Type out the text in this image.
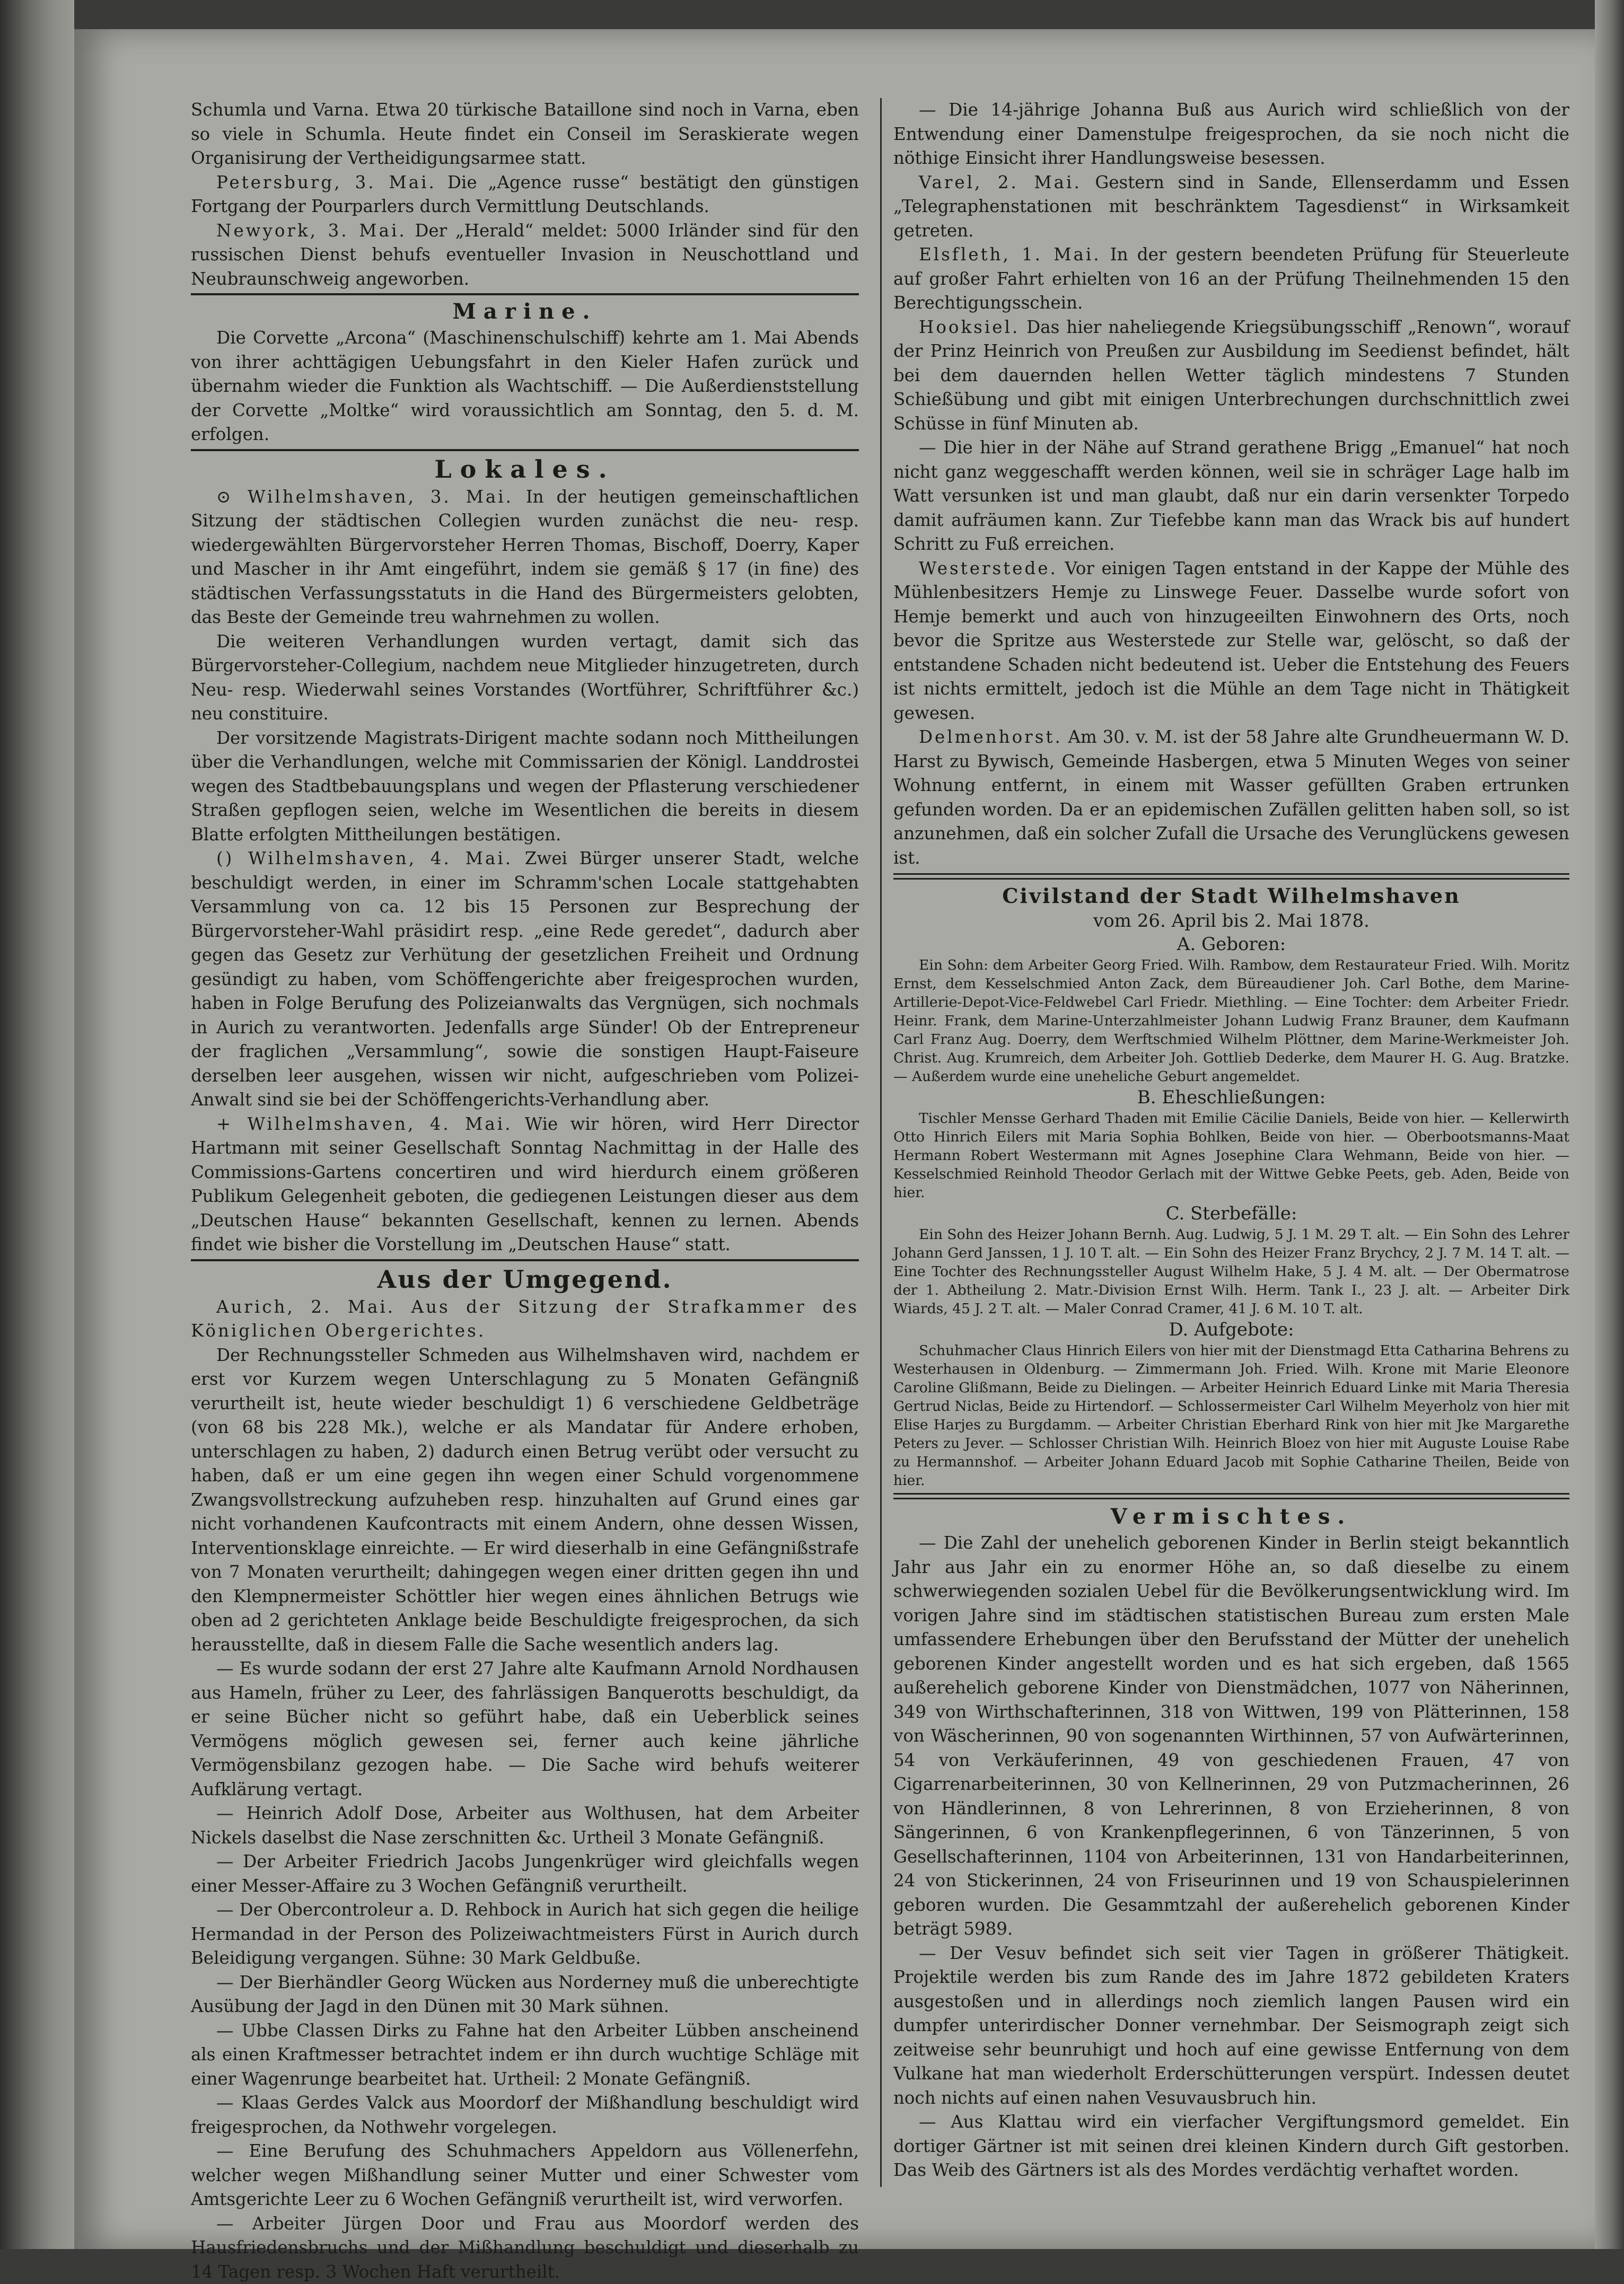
Schumla und Varna. Etwa 20 türkische Bataillone sind noch in Varna, eben so viele in Schumla. Heute findet ein Conseil im Seraskierate wegen Organisirung der Vertheidigungsarmee statt.

Petersburg, 3. Mai. Die „Agence russe“ bestätigt den günstigen Fortgang der Pourparlers durch Vermittlung Deutschlands.

Newyork, 3. Mai. Der „Herald“ meldet: 5000 Irländer sind für den russischen Dienst behufs eventueller Invasion in Neuschottland und Neubraunschweig angeworben.

Marine.

Die Corvette „Arcona“ (Maschinenschulschiff) kehrte am 1. Mai Abends von ihrer achttägigen Uebungsfahrt in den Kieler Hafen zurück und übernahm wieder die Funktion als Wachtschiff. — Die Außerdienststellung der Corvette „Moltke“ wird voraussichtlich am Sonntag, den 5. d. M. erfolgen.

Lokales.

⊙ Wilhelmshaven, 3. Mai. In der heutigen gemeinschaftlichen Sitzung der städtischen Collegien wurden zunächst die neu- resp. wiedergewählten Bürgervorsteher Herren Thomas, Bischoff, Doerry, Kaper und Mascher in ihr Amt eingeführt, indem sie gemäß § 17 (in fine) des städtischen Verfassungsstatuts in die Hand des Bürgermeisters gelobten, das Beste der Gemeinde treu wahrnehmen zu wollen.

Die weiteren Verhandlungen wurden vertagt, damit sich das Bürgervorsteher-Collegium, nachdem neue Mitglieder hinzugetreten, durch Neu- resp. Wiederwahl seines Vorstandes (Wortführer, Schriftführer &c.) neu constituire.

Der vorsitzende Magistrats-Dirigent machte sodann noch Mittheilungen über die Verhandlungen, welche mit Commissarien der Königl. Landdrostei wegen des Stadtbebauungsplans und wegen der Pflasterung verschiedener Straßen gepflogen seien, welche im Wesentlichen die bereits in diesem Blatte erfolgten Mittheilungen bestätigen.

() Wilhelmshaven, 4. Mai. Zwei Bürger unserer Stadt, welche beschuldigt werden, in einer im Schramm'schen Locale stattgehabten Versammlung von ca. 12 bis 15 Personen zur Besprechung der Bürgervorsteher-Wahl präsidirt resp. „eine Rede geredet“, dadurch aber gegen das Gesetz zur Verhütung der gesetzlichen Freiheit und Ordnung gesündigt zu haben, vom Schöffengerichte aber freigesprochen wurden, haben in Folge Berufung des Polizeianwalts das Vergnügen, sich nochmals in Aurich zu verantworten. Jedenfalls arge Sünder! Ob der Entrepreneur der fraglichen „Versammlung“, sowie die sonstigen Haupt-Faiseure derselben leer ausgehen, wissen wir nicht, aufgeschrieben vom Polizei-Anwalt sind sie bei der Schöffengerichts-Verhandlung aber.

+ Wilhelmshaven, 4. Mai. Wie wir hören, wird Herr Director Hartmann mit seiner Gesellschaft Sonntag Nachmittag in der Halle des Commissions-Gartens concertiren und wird hierdurch einem größeren Publikum Gelegenheit geboten, die gediegenen Leistungen dieser aus dem „Deutschen Hause“ bekannten Gesellschaft, kennen zu lernen. Abends findet wie bisher die Vorstellung im „Deutschen Hause“ statt.

Aus der Umgegend.

Aurich, 2. Mai. Aus der Sitzung der Strafkammer des Königlichen Obergerichtes.

Der Rechnungssteller Schmeden aus Wilhelmshaven wird, nachdem er erst vor Kurzem wegen Unterschlagung zu 5 Monaten Gefängniß verurtheilt ist, heute wieder beschuldigt 1) 6 verschiedene Geldbeträge (von 68 bis 228 Mk.), welche er als Mandatar für Andere erhoben, unterschlagen zu haben, 2) dadurch einen Betrug verübt oder versucht zu haben, daß er um eine gegen ihn wegen einer Schuld vorgenommene Zwangsvollstreckung aufzuheben resp. hinzuhalten auf Grund eines gar nicht vorhandenen Kaufcontracts mit einem Andern, ohne dessen Wissen, Interventionsklage einreichte. — Er wird dieserhalb in eine Gefängnißstrafe von 7 Monaten verurtheilt; dahingegen wegen einer dritten gegen ihn und den Klempnermeister Schöttler hier wegen eines ähnlichen Betrugs wie oben ad 2 gerichteten Anklage beide Beschuldigte freigesprochen, da sich herausstellte, daß in diesem Falle die Sache wesentlich anders lag.

— Es wurde sodann der erst 27 Jahre alte Kaufmann Arnold Nordhausen aus Hameln, früher zu Leer, des fahrlässigen Banquerotts beschuldigt, da er seine Bücher nicht so geführt habe, daß ein Ueberblick seines Vermögens möglich gewesen sei, ferner auch keine jährliche Vermögensbilanz gezogen habe. — Die Sache wird behufs weiterer Aufklärung vertagt.

— Heinrich Adolf Dose, Arbeiter aus Wolthusen, hat dem Arbeiter Nickels daselbst die Nase zerschnitten &c. Urtheil 3 Monate Gefängniß.

— Der Arbeiter Friedrich Jacobs Jungenkrüger wird gleichfalls wegen einer Messer-Affaire zu 3 Wochen Gefängniß verurtheilt.

— Der Obercontroleur a. D. Rehbock in Aurich hat sich gegen die heilige Hermandad in der Person des Polizeiwachtmeisters Fürst in Aurich durch Beleidigung vergangen. Sühne: 30 Mark Geldbuße.

— Der Bierhändler Georg Wücken aus Norderney muß die unberechtigte Ausübung der Jagd in den Dünen mit 30 Mark sühnen.

— Ubbe Classen Dirks zu Fahne hat den Arbeiter Lübben anscheinend als einen Kraftmesser betrachtet indem er ihn durch wuchtige Schläge mit einer Wagenrunge bearbeitet hat. Urtheil: 2 Monate Gefängniß.

— Klaas Gerdes Valck aus Moordorf der Mißhandlung beschuldigt wird freigesprochen, da Nothwehr vorgelegen.

— Eine Berufung des Schuhmachers Appeldorn aus Völlenerfehn, welcher wegen Mißhandlung seiner Mutter und einer Schwester vom Amtsgerichte Leer zu 6 Wochen Gefängniß verurtheilt ist, wird verworfen.

— Arbeiter Jürgen Door und Frau aus Moordorf werden des Hausfriedensbruchs und der Mißhandlung beschuldigt und dieserhalb zu 14 Tagen resp. 3 Wochen Haft verurtheilt.

— Die 14-jährige Johanna Buß aus Aurich wird schließlich von der Entwendung einer Damenstulpe freigesprochen, da sie noch nicht die nöthige Einsicht ihrer Handlungsweise besessen.

Varel, 2. Mai. Gestern sind in Sande, Ellenserdamm und Essen „Telegraphenstationen mit beschränktem Tagesdienst“ in Wirksamkeit getreten.

Elsfleth, 1. Mai. In der gestern beendeten Prüfung für Steuerleute auf großer Fahrt erhielten von 16 an der Prüfung Theilnehmenden 15 den Berechtigungsschein.

Hooksiel. Das hier naheliegende Kriegsübungsschiff „Renown“, worauf der Prinz Heinrich von Preußen zur Ausbildung im Seedienst befindet, hält bei dem dauernden hellen Wetter täglich mindestens 7 Stunden Schießübung und gibt mit einigen Unterbrechungen durchschnittlich zwei Schüsse in fünf Minuten ab.

— Die hier in der Nähe auf Strand gerathene Brigg „Emanuel“ hat noch nicht ganz weggeschafft werden können, weil sie in schräger Lage halb im Watt versunken ist und man glaubt, daß nur ein darin versenkter Torpedo damit aufräumen kann. Zur Tiefebbe kann man das Wrack bis auf hundert Schritt zu Fuß erreichen.

Westerstede. Vor einigen Tagen entstand in der Kappe der Mühle des Mühlenbesitzers Hemje zu Linswege Feuer. Dasselbe wurde sofort von Hemje bemerkt und auch von hinzugeeilten Einwohnern des Orts, noch bevor die Spritze aus Westerstede zur Stelle war, gelöscht, so daß der entstandene Schaden nicht bedeutend ist. Ueber die Entstehung des Feuers ist nichts ermittelt, jedoch ist die Mühle an dem Tage nicht in Thätigkeit gewesen.

Delmenhorst. Am 30. v. M. ist der 58 Jahre alte Grundheuermann W. D. Harst zu Bywisch, Gemeinde Hasbergen, etwa 5 Minuten Weges von seiner Wohnung entfernt, in einem mit Wasser gefüllten Graben ertrunken gefunden worden. Da er an epidemischen Zufällen gelitten haben soll, so ist anzunehmen, daß ein solcher Zufall die Ursache des Verunglückens gewesen ist.

Civilstand der Stadt Wilhelmshaven

vom 26. April bis 2. Mai 1878.

A. Geboren:

Ein Sohn: dem Arbeiter Georg Fried. Wilh. Rambow, dem Restaurateur Fried. Wilh. Moritz Ernst, dem Kesselschmied Anton Zack, dem Büreaudiener Joh. Carl Bothe, dem Marine-Artillerie-Depot-Vice-Feldwebel Carl Friedr. Miethling. — Eine Tochter: dem Arbeiter Friedr. Heinr. Frank, dem Marine-Unterzahlmeister Johann Ludwig Franz Brauner, dem Kaufmann Carl Franz Aug. Doerry, dem Werftschmied Wilhelm Plöttner, dem Marine-Werkmeister Joh. Christ. Aug. Krumreich, dem Arbeiter Joh. Gottlieb Dederke, dem Maurer H. G. Aug. Bratzke. — Außerdem wurde eine uneheliche Geburt angemeldet.

B. Eheschließungen:

Tischler Mensse Gerhard Thaden mit Emilie Cäcilie Daniels, Beide von hier. — Kellerwirth Otto Hinrich Eilers mit Maria Sophia Bohlken, Beide von hier. — Oberbootsmanns-Maat Hermann Robert Westermann mit Agnes Josephine Clara Wehmann, Beide von hier. — Kesselschmied Reinhold Theodor Gerlach mit der Wittwe Gebke Peets, geb. Aden, Beide von hier.

C. Sterbefälle:

Ein Sohn des Heizer Johann Bernh. Aug. Ludwig, 5 J. 1 M. 29 T. alt. — Ein Sohn des Lehrer Johann Gerd Janssen, 1 J. 10 T. alt. — Ein Sohn des Heizer Franz Brychcy, 2 J. 7 M. 14 T. alt. — Eine Tochter des Rechnungssteller August Wilhelm Hake, 5 J. 4 M. alt. — Der Obermatrose der 1. Abtheilung 2. Matr.-Division Ernst Wilh. Herm. Tank I., 23 J. alt. — Arbeiter Dirk Wiards, 45 J. 2 T. alt. — Maler Conrad Cramer, 41 J. 6 M. 10 T. alt.

D. Aufgebote:

Schuhmacher Claus Hinrich Eilers von hier mit der Dienstmagd Etta Catharina Behrens zu Westerhausen in Oldenburg. — Zimmermann Joh. Fried. Wilh. Krone mit Marie Eleonore Caroline Glißmann, Beide zu Dielingen. — Arbeiter Heinrich Eduard Linke mit Maria Theresia Gertrud Niclas, Beide zu Hirtendorf. — Schlossermeister Carl Wilhelm Meyerholz von hier mit Elise Harjes zu Burgdamm. — Arbeiter Christian Eberhard Rink von hier mit Jke Margarethe Peters zu Jever. — Schlosser Christian Wilh. Heinrich Bloez von hier mit Auguste Louise Rabe zu Hermannshof. — Arbeiter Johann Eduard Jacob mit Sophie Catharine Theilen, Beide von hier.

Vermischtes.

— Die Zahl der unehelich geborenen Kinder in Berlin steigt bekanntlich Jahr aus Jahr ein zu enormer Höhe an, so daß dieselbe zu einem schwerwiegenden sozialen Uebel für die Bevölkerungsentwicklung wird. Im vorigen Jahre sind im städtischen statistischen Bureau zum ersten Male umfassendere Erhebungen über den Berufsstand der Mütter der unehelich geborenen Kinder angestellt worden und es hat sich ergeben, daß 1565 außerehelich geborene Kinder von Dienstmädchen, 1077 von Näherinnen, 349 von Wirthschafterinnen, 318 von Wittwen, 199 von Plätterinnen, 158 von Wäscherinnen, 90 von sogenannten Wirthinnen, 57 von Aufwärterinnen, 54 von Verkäuferinnen, 49 von geschiedenen Frauen, 47 von Cigarrenarbeiterinnen, 30 von Kellnerinnen, 29 von Putzmacherinnen, 26 von Händlerinnen, 8 von Lehrerinnen, 8 von Erzieherinnen, 8 von Sängerinnen, 6 von Krankenpflegerinnen, 6 von Tänzerinnen, 5 von Gesellschafterinnen, 1104 von Arbeiterinnen, 131 von Handarbeiterinnen, 24 von Stickerinnen, 24 von Friseurinnen und 19 von Schauspielerinnen geboren wurden. Die Gesammtzahl der außerehelich geborenen Kinder beträgt 5989.

— Der Vesuv befindet sich seit vier Tagen in größerer Thätigkeit. Projektile werden bis zum Rande des im Jahre 1872 gebildeten Kraters ausgestoßen und in allerdings noch ziemlich langen Pausen wird ein dumpfer unterirdischer Donner vernehmbar. Der Seismograph zeigt sich zeitweise sehr beunruhigt und hoch auf eine gewisse Entfernung von dem Vulkane hat man wiederholt Erderschütterungen verspürt. Indessen deutet noch nichts auf einen nahen Vesuvausbruch hin.

— Aus Klattau wird ein vierfacher Vergiftungsmord gemeldet. Ein dortiger Gärtner ist mit seinen drei kleinen Kindern durch Gift gestorben. Das Weib des Gärtners ist als des Mordes verdächtig verhaftet worden.
